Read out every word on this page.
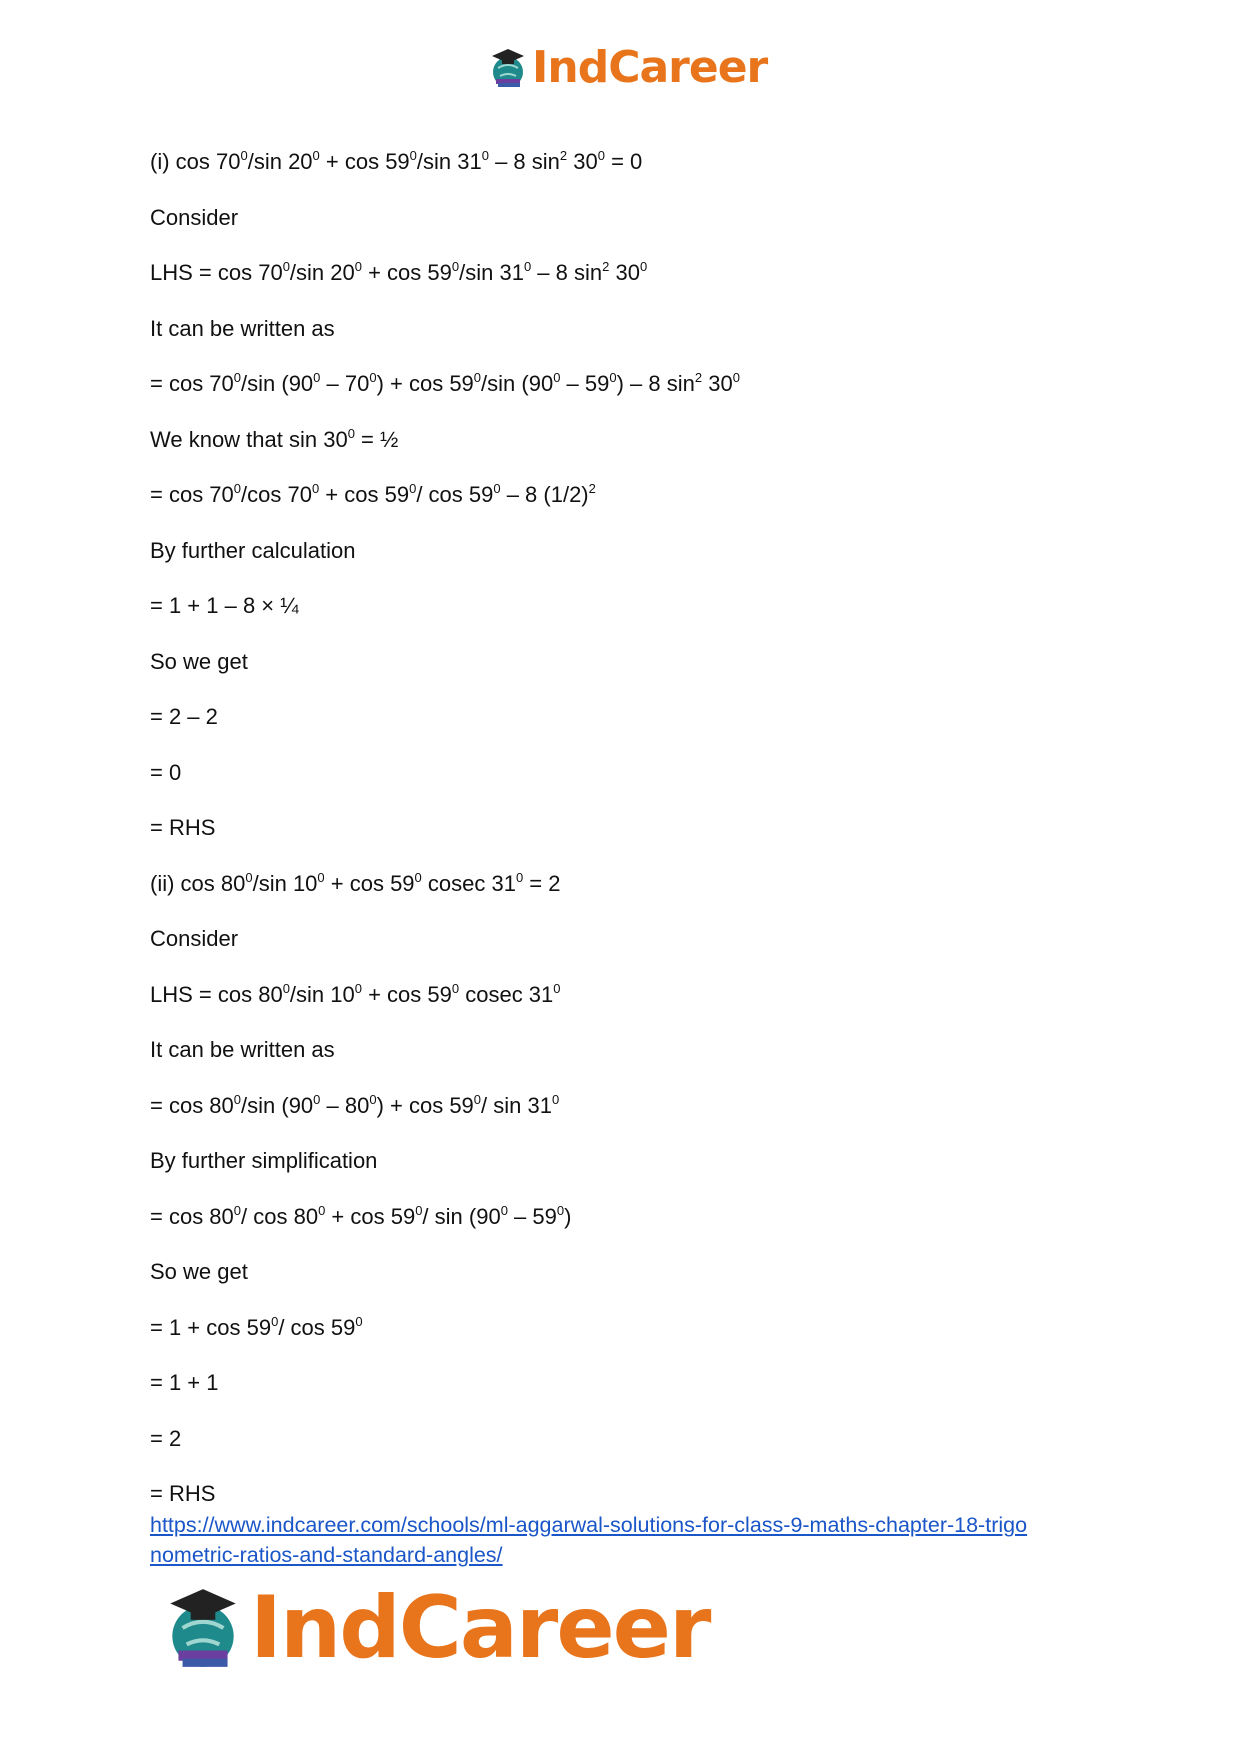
IndCareer
(i) $\cos 70^0/\sin$ $20^0 + \cos 59^0/\sin$ $31^0 - 8$ $\sin^2 30^0 = 0$
Consider
LHS = $\cos 70^0/\sin$ $20^0 + \cos 59^0/\sin$ $31^0 - 8$ $\sin^2 30^0$
It can be written as
= $\cos 70^0/\sin$ $(90^0 - 70^0) + \cos 59^0/\sin$ $(90^0 - 59^0) - 8$ $\sin^2 30^0$
We know that $\sin 30^0$ = ½
= $\cos 70^0/\cos$ $70^0 + \cos 59^0/$ $\cos 59^0 - 8$ $(1/2)^2$
By further calculation
= 1 + 1 – 8 × ¼
So we get
= 2 – 2
= 0
= RHS
(ii) $\cos 80^0/\sin$ $10^0 + \cos 59^0$ cosec $31^0 = 2$
Consider
LHS = $\cos 80^0/\sin$ $10^0 + \cos 59^0$ cosec $31^0$
It can be written as
= $\cos 80^0/\sin$ $(90^0 - 80^0) + \cos 59^0/$ $\sin 31^0$
By further simplification
= $\cos 80^0/$ $\cos 80^0 + \cos 59^0/$ $\sin (90^0 - 59^0)$
So we get
= $1 + \cos 59^0/$ $\cos 59^0$
= 1 + 1
= 2
= RHS
https://www.indcareer.com/schools/ml-aggarwal-solutions-for-class-9-maths-chapter-18-trigo
nometric-ratios-and-standard-angles/
IndCareer
